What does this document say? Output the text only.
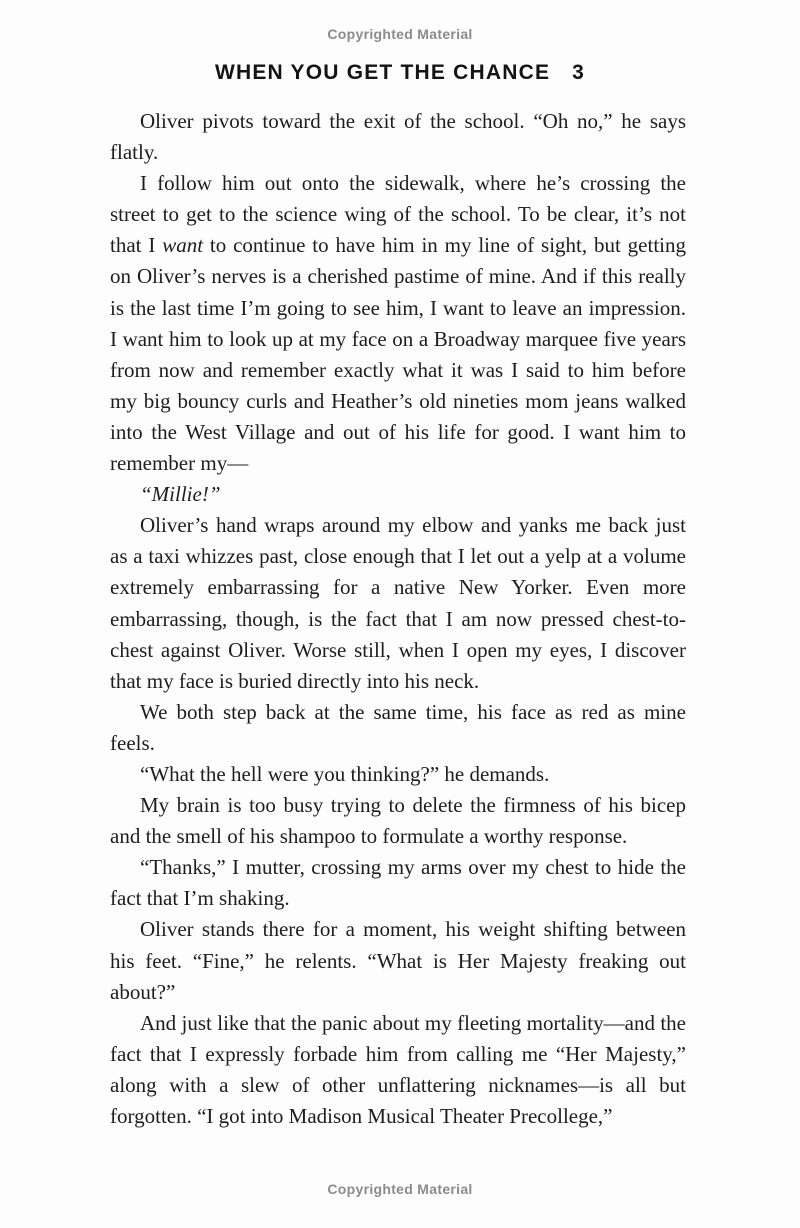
Copyrighted Material
WHEN YOU GET THE CHANCE 3

Oliver pivots toward the exit of the school. “Oh no,” he says flatly.

I follow him out onto the sidewalk, where he’s crossing the street to get to the science wing of the school. To be clear, it’s not that I want to continue to have him in my line of sight, but getting on Oliver’s nerves is a cherished pastime of mine. And if this really is the last time I’m going to see him, I want to leave an impression. I want him to look up at my face on a Broadway marquee five years from now and remember exactly what it was I said to him before my big bouncy curls and Heather’s old nineties mom jeans walked into the West Village and out of his life for good. I want him to remember my—

“Millie!”

Oliver’s hand wraps around my elbow and yanks me back just as a taxi whizzes past, close enough that I let out a yelp at a volume extremely embarrassing for a native New Yorker. Even more embarrassing, though, is the fact that I am now pressed chest-to-chest against Oliver. Worse still, when I open my eyes, I discover that my face is buried directly into his neck.

We both step back at the same time, his face as red as mine feels.

“What the hell were you thinking?” he demands.

My brain is too busy trying to delete the firmness of his bicep and the smell of his shampoo to formulate a worthy response.

“Thanks,” I mutter, crossing my arms over my chest to hide the fact that I’m shaking.

Oliver stands there for a moment, his weight shifting between his feet. “Fine,” he relents. “What is Her Majesty freaking out about?”

And just like that the panic about my fleeting mortality—and the fact that I expressly forbade him from calling me “Her Majesty,” along with a slew of other unflattering nicknames—is all but forgotten. “I got into Madison Musical Theater Precollege,”

Copyrighted Material
